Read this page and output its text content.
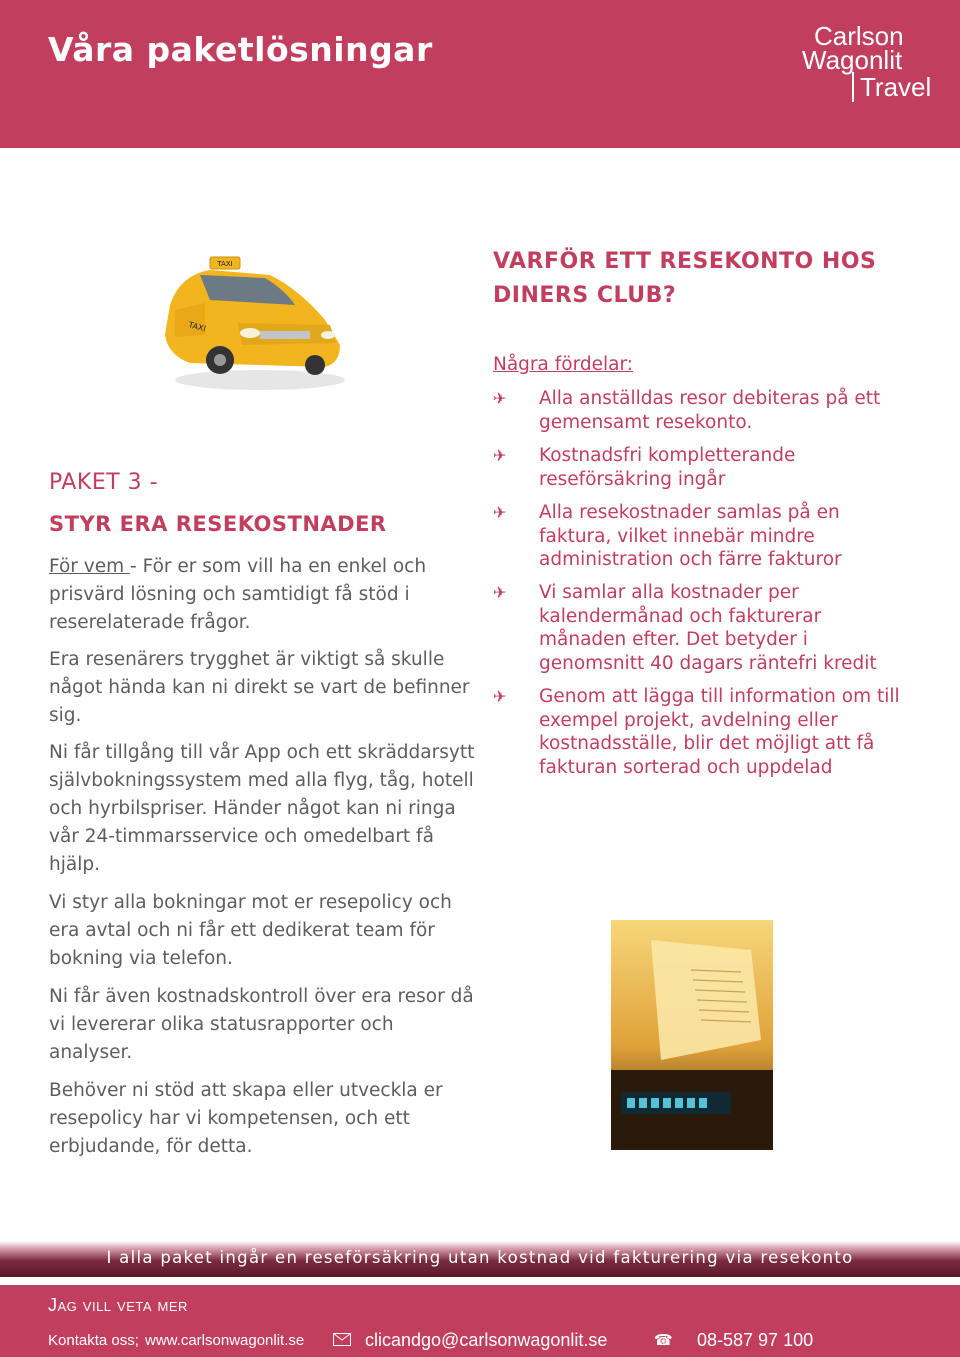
Våra paketlösningar	Carlson
Wagonlit
Travel
TAXI
TAXI
PAKET 3 -
STYR ERA RESEKOSTNADER
För vem - För er som vill ha en enkel och prisvärd lösning och samtidigt få stöd i reserelaterade frågor.
Era resenärers trygghet är viktigt så skulle något hända kan ni direkt se vart de befinner sig.
Ni får tillgång till vår App och ett skräddarsytt självbokningssystem med alla flyg, tåg, hotell och hyrbilspriser. Händer något kan ni ringa vår 24-timmarsservice och omedelbart få hjälp.
Vi styr alla bokningar mot er resepolicy och era avtal och ni får ett dedikerat team för bokning via telefon.
Ni får även kostnadskontroll över era resor då vi levererar olika statusrapporter och analyser.
Behöver ni stöd att skapa eller utveckla er resepolicy har vi kompetensen, och ett erbjudande, för detta.
VARFÖR ETT RESEKONTO HOS DINERS CLUB?
Några fördelar:
✈	Alla anställdas resor debiteras på ett gemensamt resekonto.
✈	Kostnadsfri kompletterande reseförsäkring ingår
✈	Alla resekostnader samlas på en faktura, vilket innebär mindre administration och färre fakturor
✈	Vi samlar alla kostnader per kalendermånad och fakturerar månaden efter. Det betyder i genomsnitt 40 dagars räntefri kredit
✈	Genom att lägga till information om till exempel projekt, avdelning eller kostnadsställe, blir det möjligt att få fakturan sorterad och uppdelad
I alla paket ingår en reseförsäkring utan kostnad vid fakturering via resekonto
Jag vill veta mer
Kontakta oss; www.carlsonwagonlit.se	clicandgo@carlsonwagonlit.se	☎ 08-587 97 100
